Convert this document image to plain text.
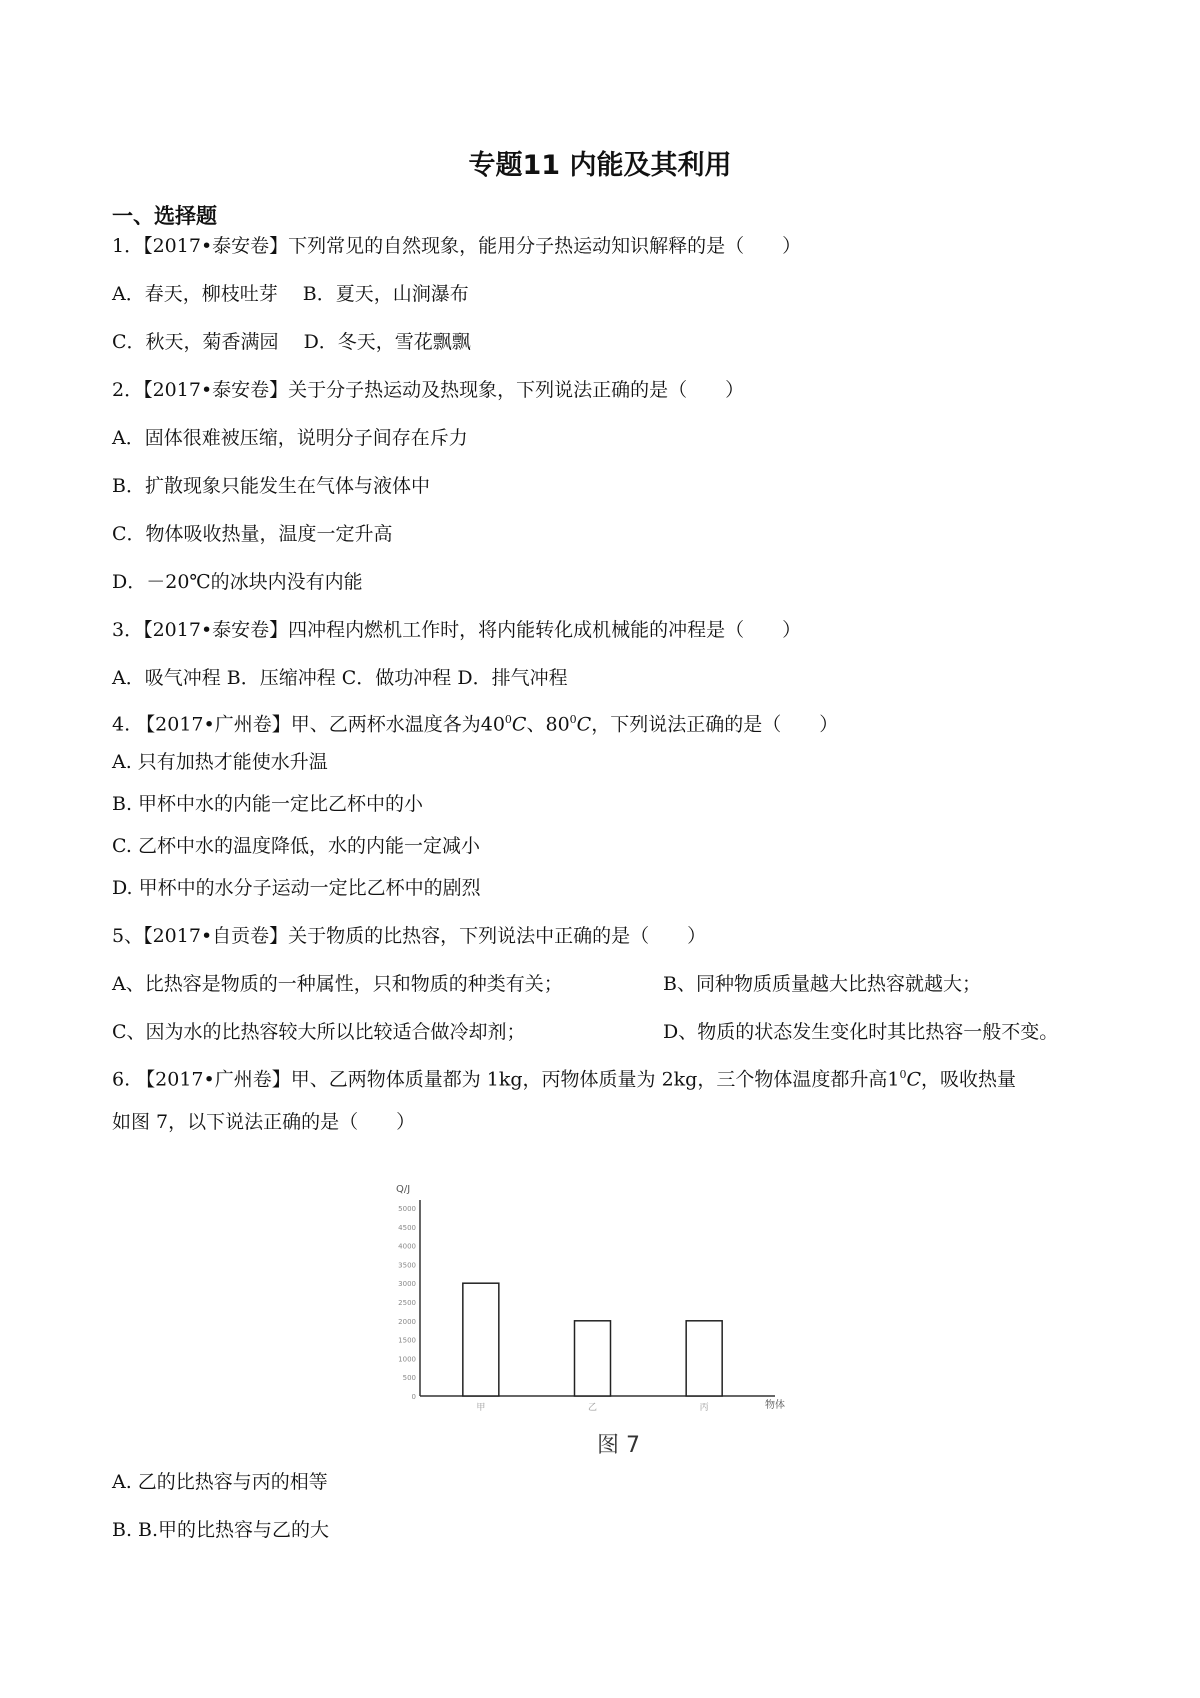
专题11 内能及其利用
一、选择题
1．【2017•泰安卷】下列常见的自然现象，能用分子热运动知识解释的是（　　）
A．春天，柳枝吐芽　 B．夏天，山涧瀑布
C．秋天，菊香满园　 D．冬天，雪花飘飘
2．【2017•泰安卷】关于分子热运动及热现象，下列说法正确的是（　　）
A．固体很难被压缩，说明分子间存在斥力
B．扩散现象只能发生在气体与液体中
C．物体吸收热量，温度一定升高
D．－20℃的冰块内没有内能
3．【2017•泰安卷】四冲程内燃机工作时，将内能转化成机械能的冲程是（　　）
A．吸气冲程 B．压缩冲程 C．做功冲程 D．排气冲程
4. 【2017•广州卷】甲、乙两杯水温度各为$40^0C$、$80^0C$，下列说法正确的是（　　）
A. 只有加热才能使水升温
B. 甲杯中水的内能一定比乙杯中的小
C. 乙杯中水的温度降低，水的内能一定减小
D. 甲杯中的水分子运动一定比乙杯中的剧烈
5、【2017•自贡卷】关于物质的比热容，下列说法中正确的是（　　）
A、比热容是物质的一种属性，只和物质的种类有关；	B、同种物质质量越大比热容就越大；
C、因为水的比热容较大所以比较适合做冷却剂；	D、物质的状态发生变化时其比热容一般不变。
6. 【2017•广州卷】甲、乙两物体质量都为 1kg，丙物体质量为 2kg，三个物体温度都升高$1^0C$，吸收热量
如图 7，以下说法正确的是（　　）
Q/J
物体
0
500
1000
1500
2000
2500
3000
3500
4000
4500
5000
甲	乙	丙
图 7
A. 乙的比热容与丙的相等
B. B.甲的比热容与乙的大
